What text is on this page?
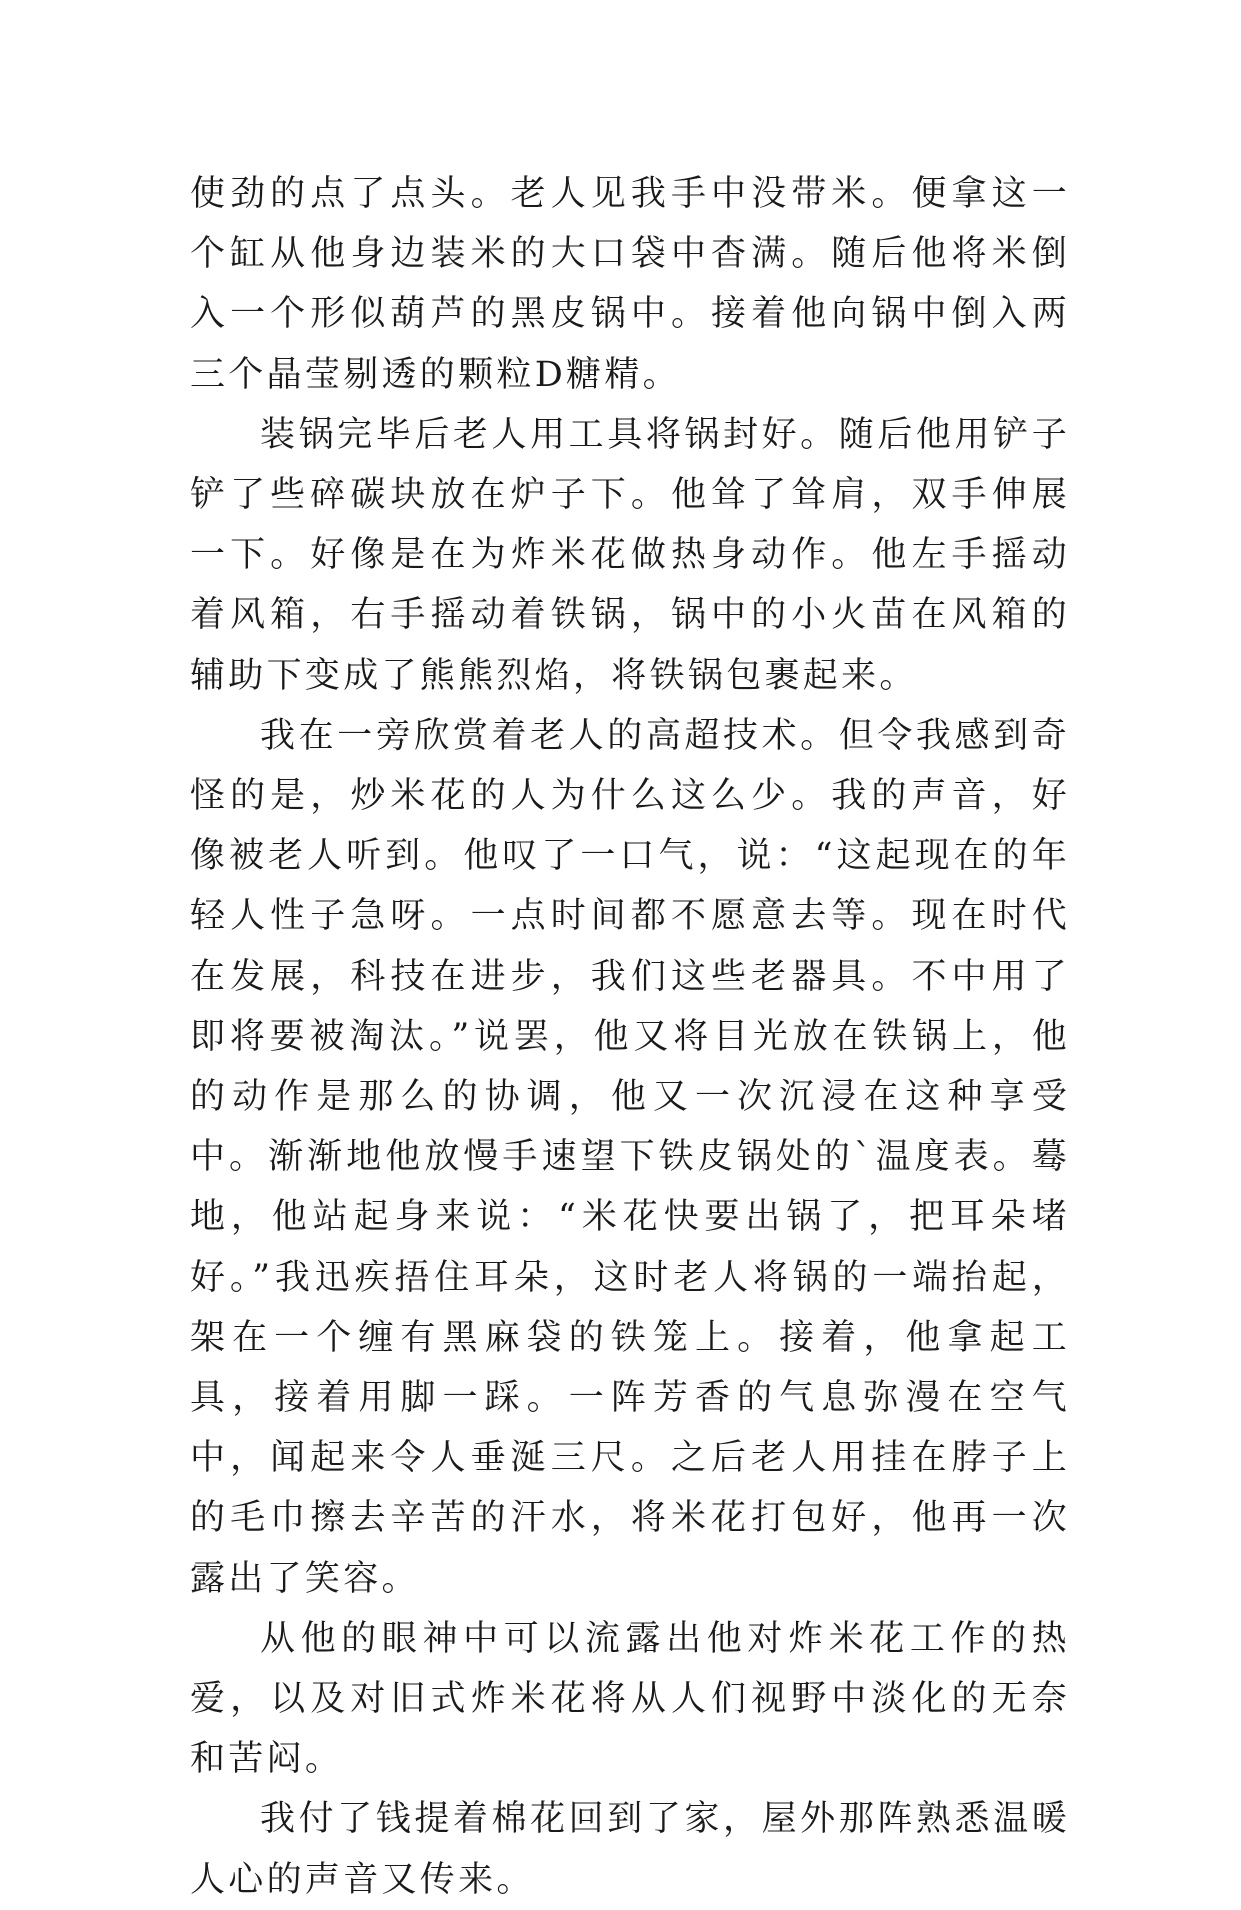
使劲的点了点头。老人见我手中没带米。便拿这一个缸从他身边装米的大口袋中杳满。随后他将米倒入一个形似葫芦的黑皮锅中。接着他向锅中倒入两三个晶莹剔透的颗粒D糖精。

装锅完毕后老人用工具将锅封好。随后他用铲子铲了些碎碳块放在炉子下。他耸了耸肩，双手伸展一下。好像是在为炸米花做热身动作。他左手摇动着风箱，右手摇动着铁锅，锅中的小火苗在风箱的辅助下变成了熊熊烈焰，将铁锅包裹起来。

我在一旁欣赏着老人的高超技术。但令我感到奇怪的是，炒米花的人为什么这么少。我的声音，好像被老人听到。他叹了一口气，说：“这起现在的年轻人性子急呀。一点时间都不愿意去等。现在时代在发展，科技在进步，我们这些老器具。不中用了即将要被淘汰。”说罢，他又将目光放在铁锅上，他的动作是那么的协调，他又一次沉浸在这种享受中。渐渐地他放慢手速望下铁皮锅处的`温度表。蓦地，他站起身来说：“米花快要出锅了，把耳朵堵好。”我迅疾捂住耳朵，这时老人将锅的一端抬起，架在一个缠有黑麻袋的铁笼上。接着，他拿起工具，接着用脚一踩。一阵芳香的气息弥漫在空气中，闻起来令人垂涎三尺。之后老人用挂在脖子上的毛巾擦去辛苦的汗水，将米花打包好，他再一次露出了笑容。

从他的眼神中可以流露出他对炸米花工作的热爱，以及对旧式炸米花将从人们视野中淡化的无奈和苦闷。

我付了钱提着棉花回到了家，屋外那阵熟悉温暖人心的声音又传来。
